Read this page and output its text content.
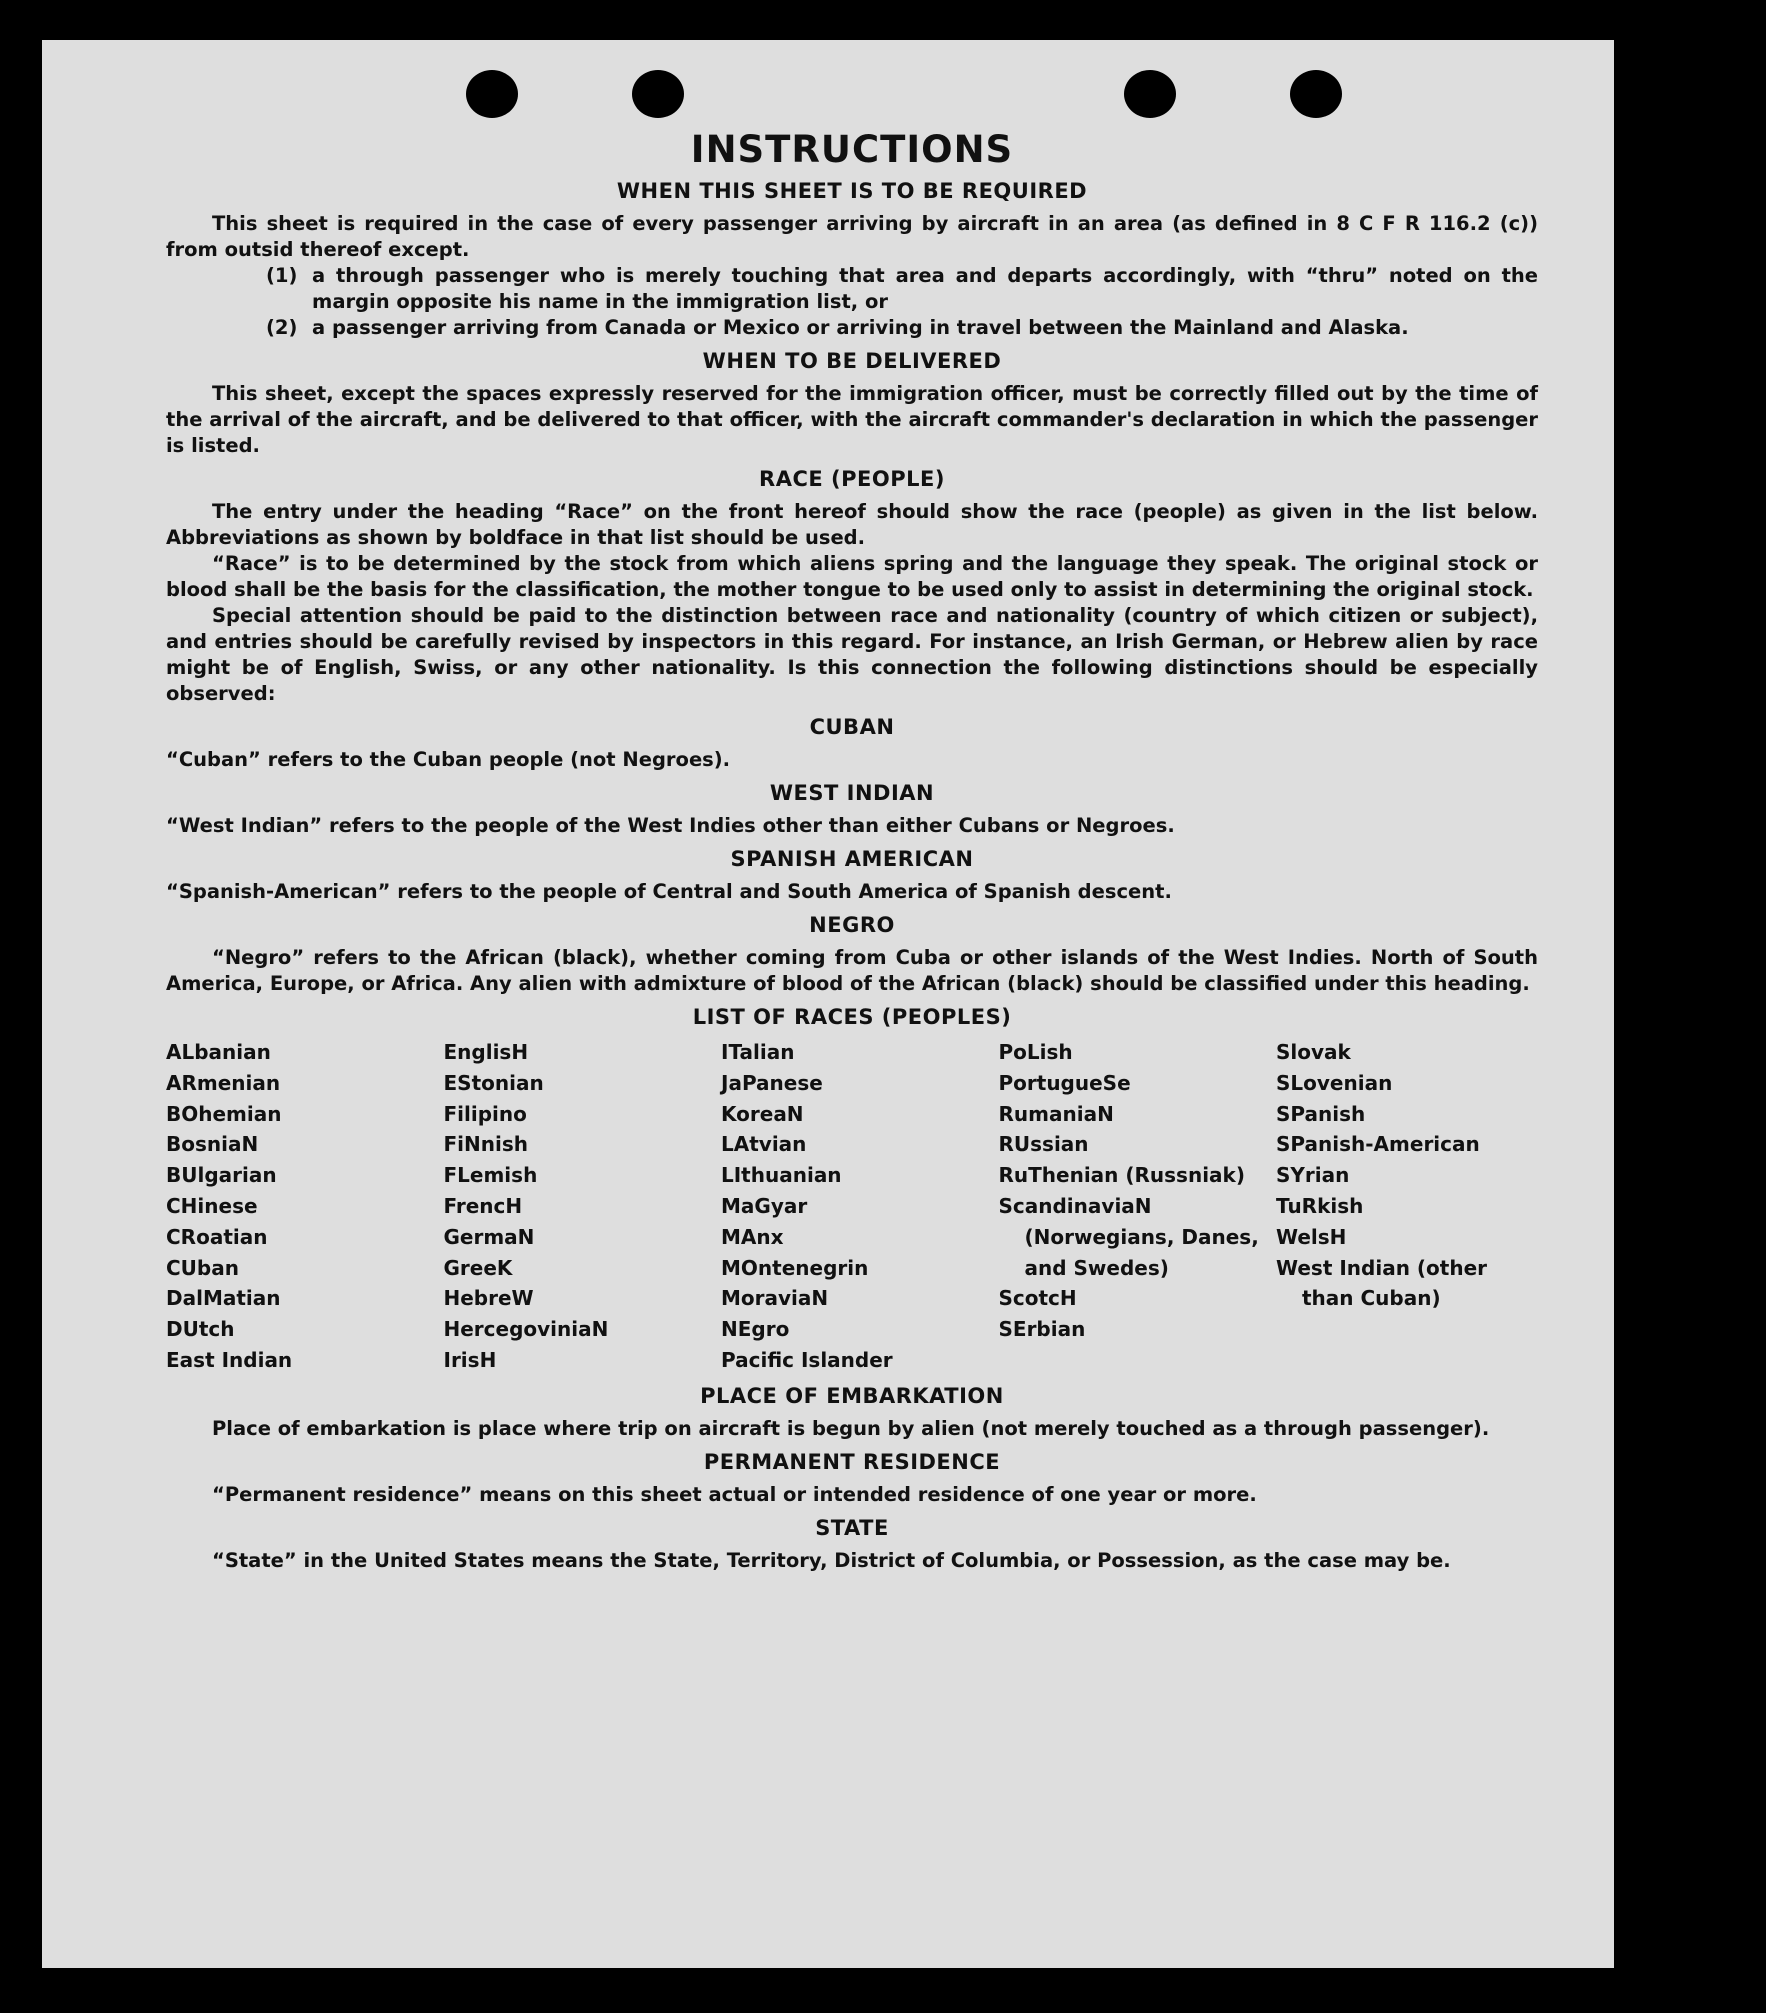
INSTRUCTIONS
WHEN THIS SHEET IS TO BE REQUIRED

This sheet is required in the case of every passenger arriving by aircraft in an area (as defined in 8 C F R 116.2 (c)) from outsid thereof except.

(1) a through passenger who is merely touching that area and departs accordingly, with “thru” noted on the margin opposite his name in the immigration list, or
(2) a passenger arriving from Canada or Mexico or arriving in travel between the Mainland and Alaska.
WHEN TO BE DELIVERED

This sheet, except the spaces expressly reserved for the immigration officer, must be correctly filled out by the time of the arrival of the aircraft, and be delivered to that officer, with the aircraft commander's declaration in which the passenger is listed.

RACE (PEOPLE)

The entry under the heading “Race” on the front hereof should show the race (people) as given in the list below. Abbreviations as shown by boldface in that list should be used.

“Race” is to be determined by the stock from which aliens spring and the language they speak. The original stock or blood shall be the basis for the classification, the mother tongue to be used only to assist in determining the original stock.

Special attention should be paid to the distinction between race and nationality (country of which citizen or subject), and entries should be carefully revised by inspectors in this regard. For instance, an Irish German, or Hebrew alien by race might be of English, Swiss, or any other nationality. Is this connection the following distinctions should be especially observed:

CUBAN

“Cuban” refers to the Cuban people (not Negroes).

WEST INDIAN

“West Indian” refers to the people of the West Indies other than either Cubans or Negroes.

SPANISH AMERICAN

“Spanish-American” refers to the people of Central and South America of Spanish descent.

NEGRO

“Negro” refers to the African (black), whether coming from Cuba or other islands of the West Indies. North of South America, Europe, or Africa. Any alien with admixture of blood of the African (black) should be classified under this heading.

LIST OF RACES (PEOPLES)
ALbanian
ARmenian
BOhemian
BosniaN
BUlgarian
CHinese
CRoatian
CUban
DalMatian
DUtch
East Indian
EnglisH
EStonian
Filipino
FiNnish
FLemish
FrencH
GermaN
GreeK
HebreW
HercegoviniaN
IrisH
ITalian
JaPanese
KoreaN
LAtvian
LIthuanian
MaGyar
MAnx
MOntenegrin
MoraviaN
NEgro
Pacific Islander
PoLish
PortugueSe
RumaniaN
RUssian
RuThenian (Russniak)
ScandinaviaN (Norwegians, Danes, and Swedes)
ScotcH
SErbian
Slovak
SLovenian
SPanish
SPanish-American
SYrian
TuRkish
WelsH
West Indian (other than Cuban)
PLACE OF EMBARKATION

Place of embarkation is place where trip on aircraft is begun by alien (not merely touched as a through passenger).

PERMANENT RESIDENCE

“Permanent residence” means on this sheet actual or intended residence of one year or more.

STATE

“State” in the United States means the State, Territory, District of Columbia, or Possession, as the case may be.
